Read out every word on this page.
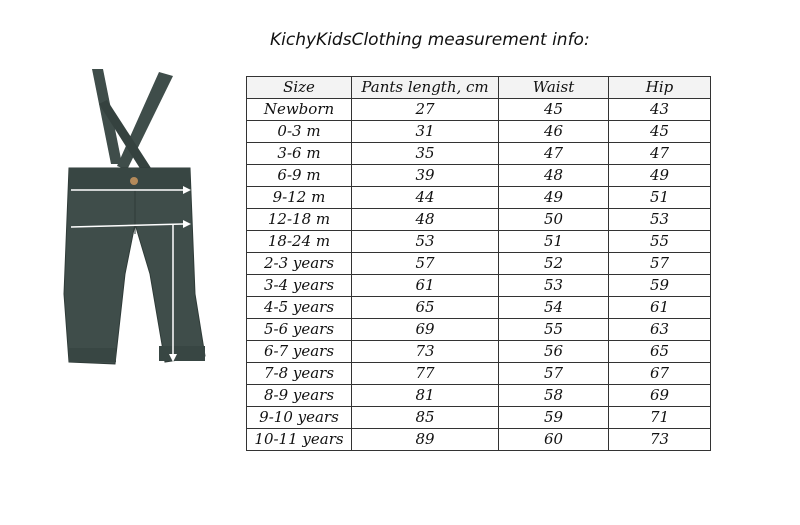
KichyKidsClothing measurement info:
Size	Pants length, cm	Waist	Hip
Newborn	27	45	43
0-3 m	31	46	45
3-6 m	35	47	47
6-9 m	39	48	49
9-12 m	44	49	51
12-18 m	48	50	53
18-24 m	53	51	55
2-3 years	57	52	57
3-4 years	61	53	59
4-5 years	65	54	61
5-6 years	69	55	63
6-7 years	73	56	65
7-8 years	77	57	67
8-9 years	81	58	69
9-10 years	85	59	71
10-11 years	89	60	73
